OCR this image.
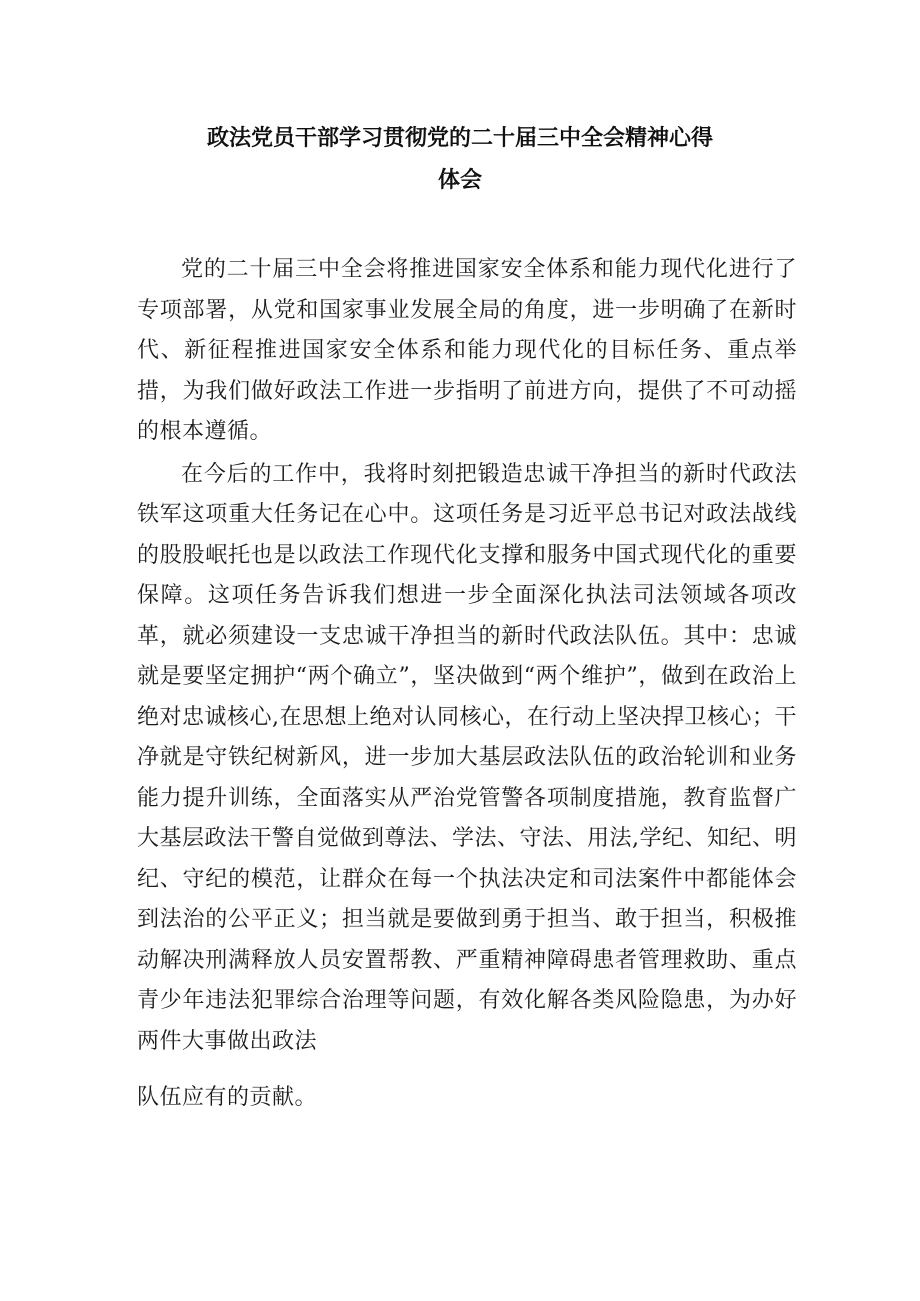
政法党员干部学习贯彻党的二十届三中全会精神心得
体会

党的二十届三中全会将推进国家安全体系和能力现代化进行了专项部署，从党和国家事业发展全局的角度，进一步明确了在新时代、新征程推进国家安全体系和能力现代化的目标任务、重点举措，为我们做好政法工作进一步指明了前进方向，提供了不可动摇的根本遵循。

在今后的工作中，我将时刻把锻造忠诚干净担当的新时代政法铁军这项重大任务记在心中。这项任务是习近平总书记对政法战线的股股岷托也是以政法工作现代化支撑和服务中国式现代化的重要保障。这项任务告诉我们想进一步全面深化执法司法领域各项改革，就必须建设一支忠诚干净担当的新时代政法队伍。其中：忠诚就是要坚定拥护“两个确立”，坚决做到“两个维护”，做到在政治上绝对忠诚核心,在思想上绝对认同核心，在行动上坚决捍卫核心；干净就是守铁纪树新风，进一步加大基层政法队伍的政治轮训和业务能力提升训练，全面落实从严治党管警各项制度措施，教育监督广大基层政法干警自觉做到尊法、学法、守法、用法,学纪、知纪、明纪、守纪的模范，让群众在每一个执法决定和司法案件中都能体会到法治的公平正义；担当就是要做到勇于担当、敢于担当，积极推动解决刑满释放人员安置帮教、严重精神障碍患者管理救助、重点青少年违法犯罪综合治理等问题，有效化解各类风险隐患，为办好两件大事做出政法

队伍应有的贡献。
